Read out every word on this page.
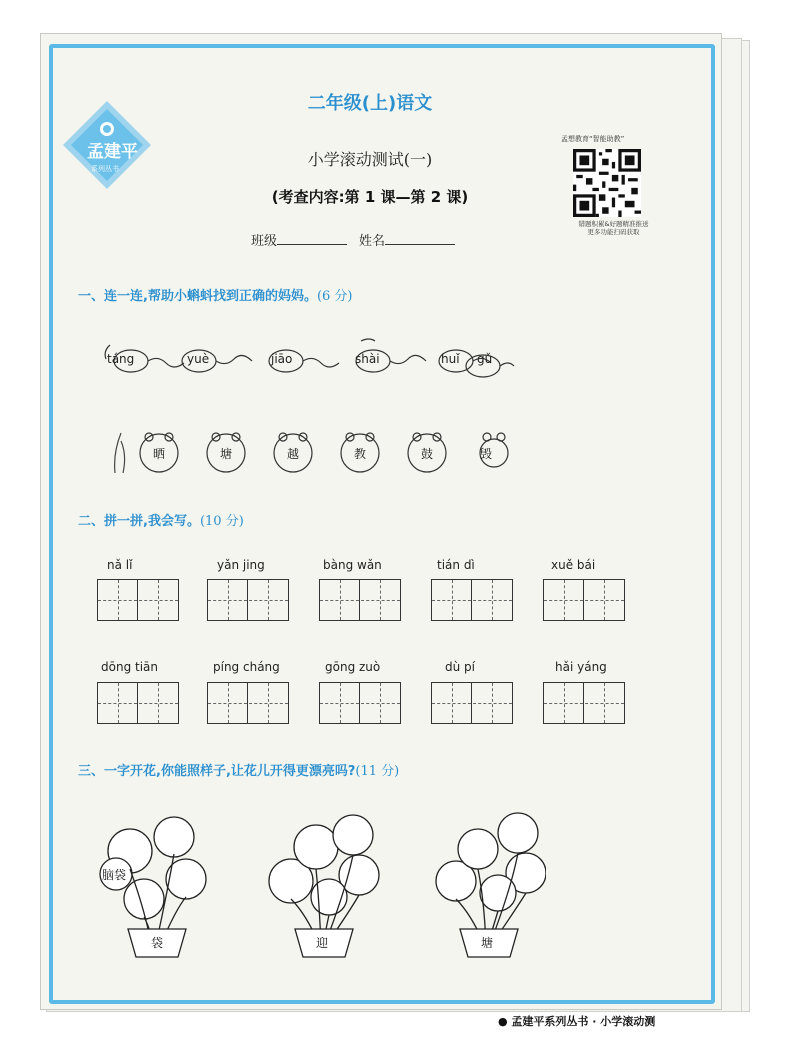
孟建平
系列丛书
二年级(上)语文
小学滚动测试(一)
(考查内容:第 1 课—第 2 课)
班级	姓名
孟想教育“智能助教”
错题积累&好题精准推送
更多功能扫码获取
一、连一连,帮助小蝌蚪找到正确的妈妈。(6 分)
táng	yuè	jiāo	shài	huǐ gǔ
晒	塘	越	教	鼓	毁
二、拼一拼,我会写。(10 分)
nǎ lǐ	yǎn jing	bàng wǎn	tián dì	xuě bái
dōng tiān	píng cháng	gōng zuò	dù pí	hǎi yáng
三、一字开花,你能照样子,让花儿开得更漂亮吗?(11 分)
脑袋
袋	迎	塘
● 孟建平系列丛书 · 小学滚动测
